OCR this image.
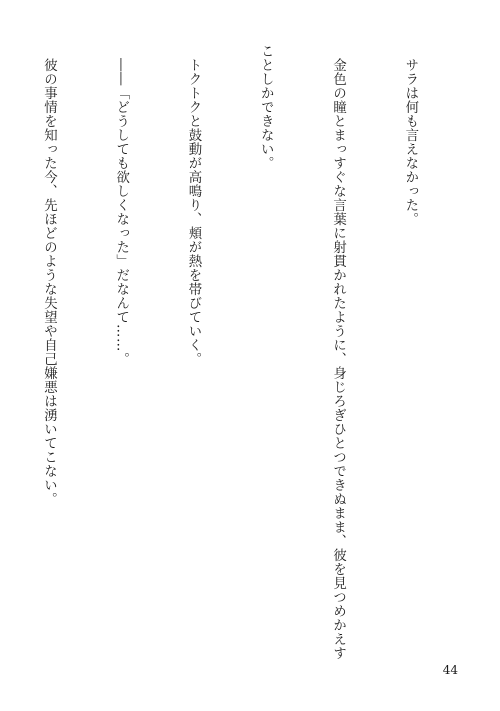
　サラは何も言えなかった。

　金色の瞳とまっすぐな言葉に射貫かれたように、身じろぎひとつできぬまま、彼を見つめかえす

ことしかできない。

　トクトクと鼓動が高鳴り、頬が熱を帯びていく。

　――「どうしても欲しくなった」だなんて……。

　彼の事情を知った今、先ほどのような失望や自己嫌悪は湧いてこない。

44
